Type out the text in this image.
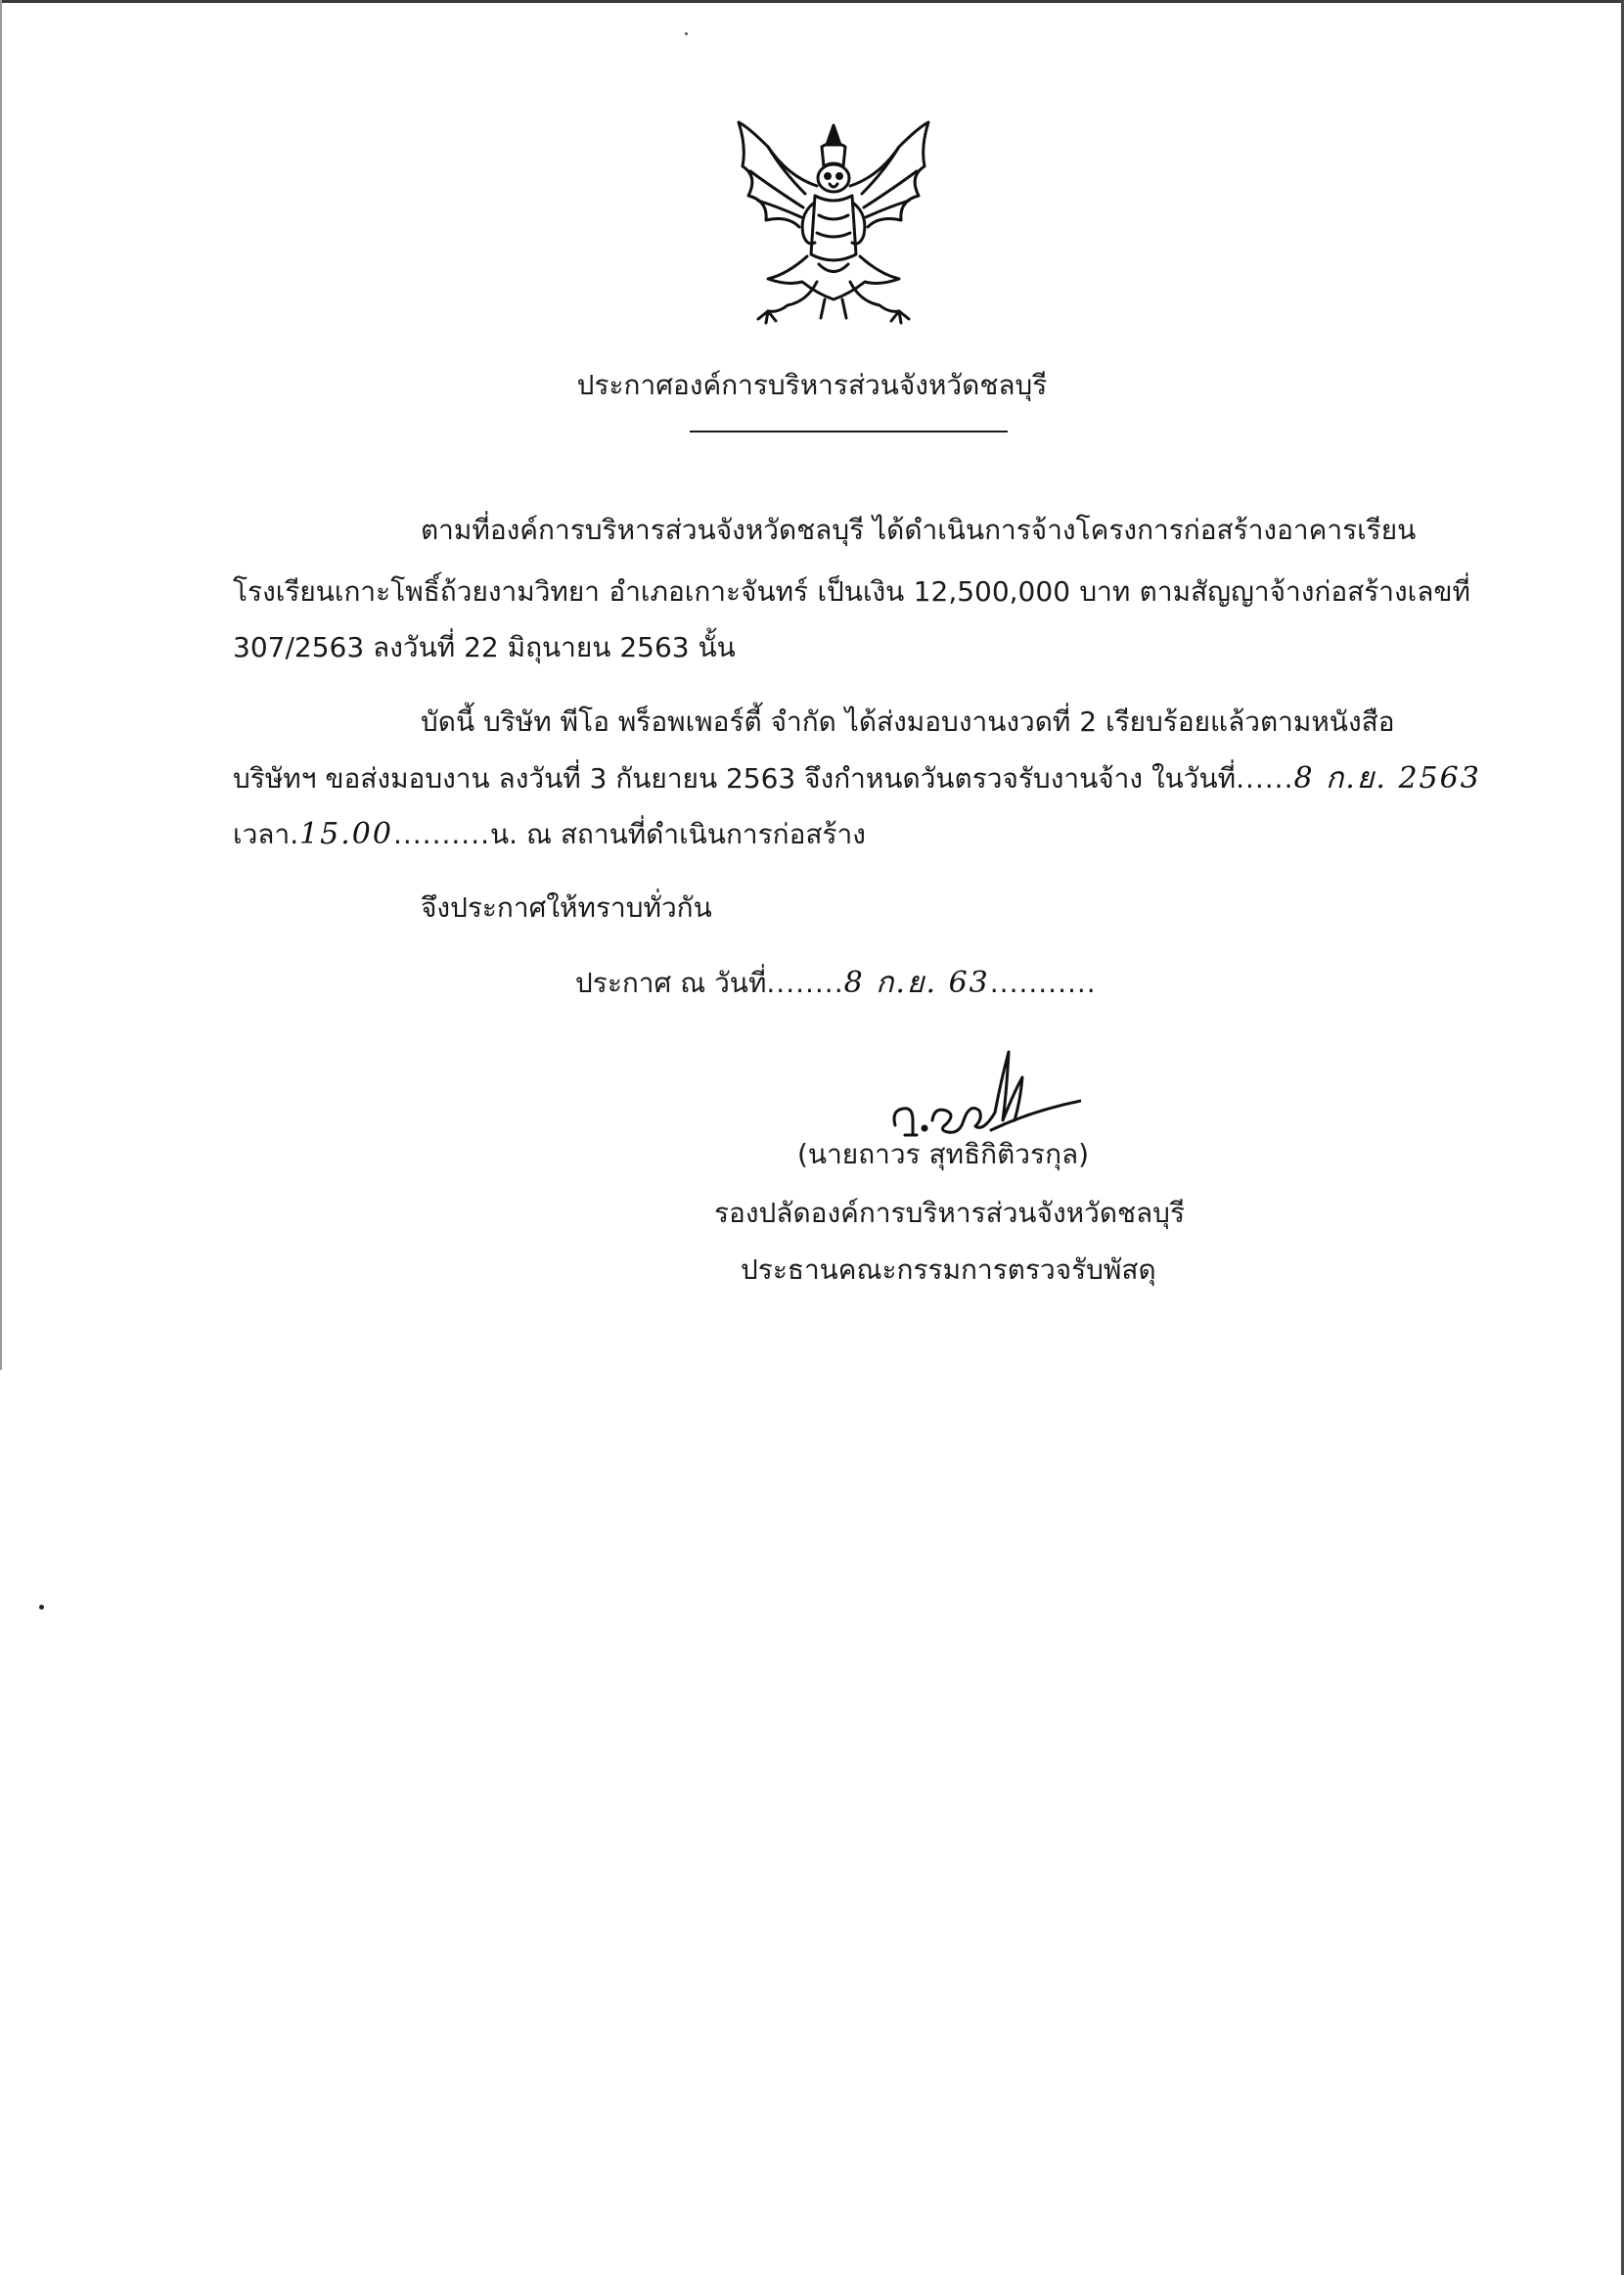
ประกาศองค์การบริหารส่วนจังหวัดชลบุรี
ตามที่องค์การบริหารส่วนจังหวัดชลบุรี ได้ดำเนินการจ้างโครงการก่อสร้างอาคารเรียน
โรงเรียนเกาะโพธิ์ถ้วยงามวิทยา อำเภอเกาะจันทร์ เป็นเงิน 12,500,000 บาท ตามสัญญาจ้างก่อสร้างเลขที่
307/2563 ลงวันที่ 22 มิถุนายน 2563 นั้น
บัดนี้ บริษัท พีโอ พร็อพเพอร์ตี้ จำกัด ได้ส่งมอบงานงวดที่ 2 เรียบร้อยแล้วตามหนังสือ
บริษัทฯ ขอส่งมอบงาน ลงวันที่ 3 กันยายน 2563 จึงกำหนดวันตรวจรับงานจ้าง ในวันที่......8 ก.ย. 2563
เวลา.15.00..........น. ณ สถานที่ดำเนินการก่อสร้าง
จึงประกาศให้ทราบทั่วกัน
ประกาศ ณ วันที่........8 ก.ย. 63...........
(นายถาวร สุทธิกิติวรกุล)
รองปลัดองค์การบริหารส่วนจังหวัดชลบุรี
ประธานคณะกรรมการตรวจรับพัสดุ
